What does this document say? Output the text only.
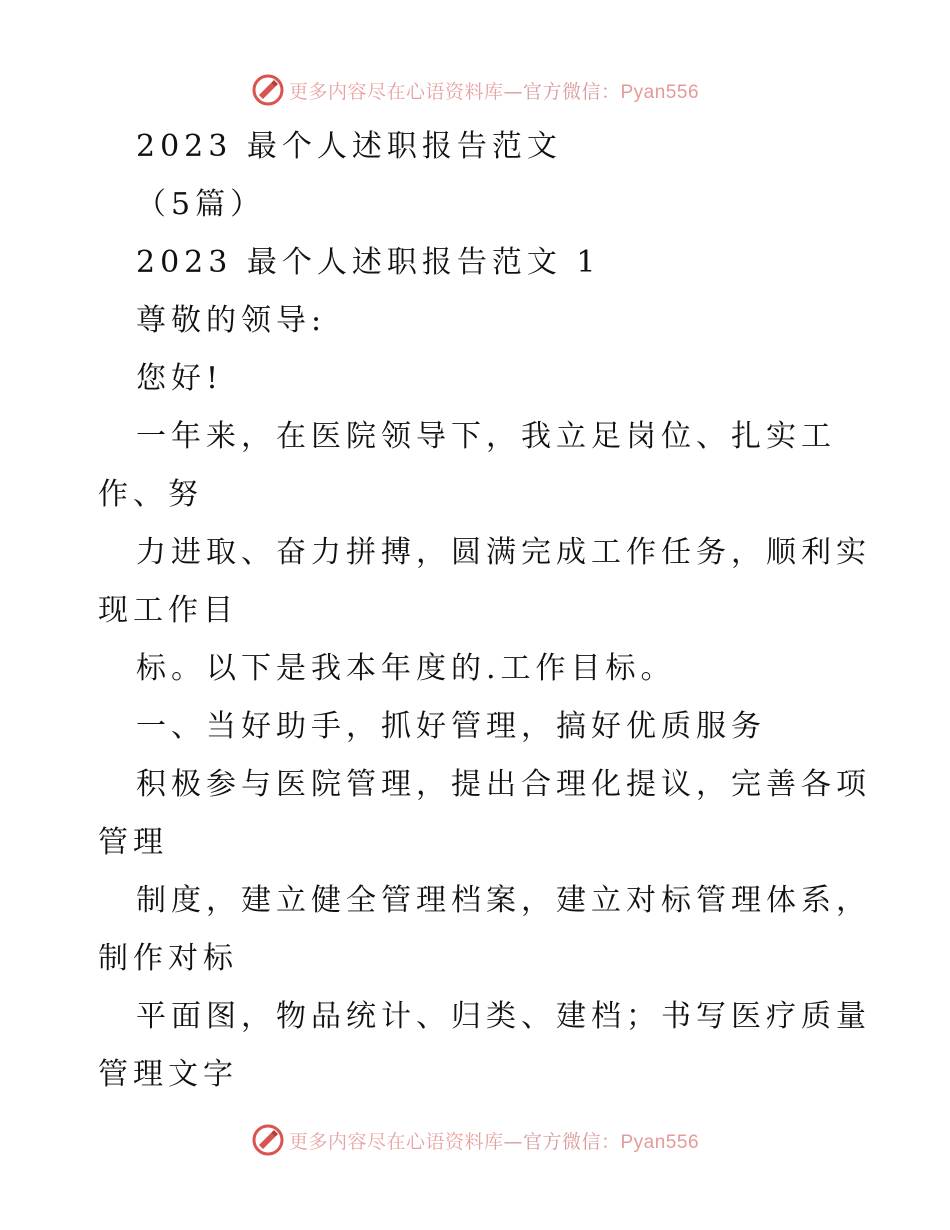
更多内容尽在心语资料库—官方微信：Pyan556
2023 最个人述职报告范文
（5篇）
2023 最个人述职报告范文 1
尊敬的领导:
您好!
一年来，在医院领导下，我立足岗位、扎实工
作、努
力进取、奋力拼搏，圆满完成工作任务，顺利实
现工作目
标。以下是我本年度的.工作目标。
一、当好助手，抓好管理，搞好优质服务
积极参与医院管理，提出合理化提议，完善各项
管理
制度，建立健全管理档案，建立对标管理体系，
制作对标
平面图，物品统计、归类、建档；书写医疗质量
管理文字
更多内容尽在心语资料库—官方微信：Pyan556
